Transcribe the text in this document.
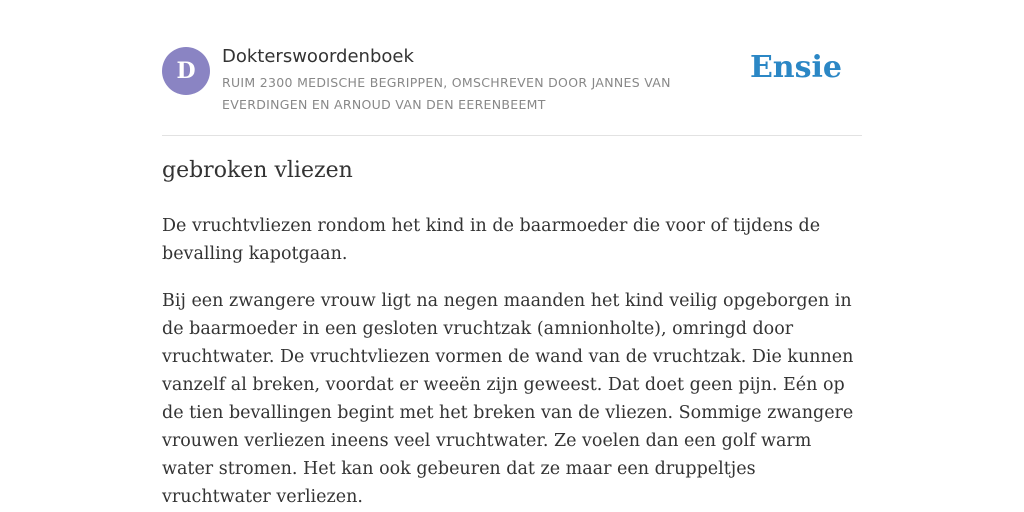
D
Dokterswoordenboek
RUIM 2300 MEDISCHE BEGRIPPEN, OMSCHREVEN DOOR JANNES VAN EVERDINGEN EN ARNOUD VAN DEN EERENBEEMT
Ensie
gebroken vliezen

De vruchtvliezen rondom het kind in de baarmoeder die voor of tijdens de bevalling kapotgaan.

Bij een zwangere vrouw ligt na negen maanden het kind veilig opgeborgen in de baarmoeder in een gesloten vruchtzak (amnionholte), omringd door vruchtwater. De vruchtvliezen vormen de wand van de vruchtzak. Die kunnen vanzelf al breken, voordat er weeën zijn geweest. Dat doet geen pijn. Eén op de tien bevallingen begint met het breken van de vliezen. Sommige zwangere vrouwen verliezen ineens veel vruchtwater. Ze voelen dan een golf warm water stromen. Het kan ook gebeuren dat ze maar een druppeltjes vruchtwater verliezen.
